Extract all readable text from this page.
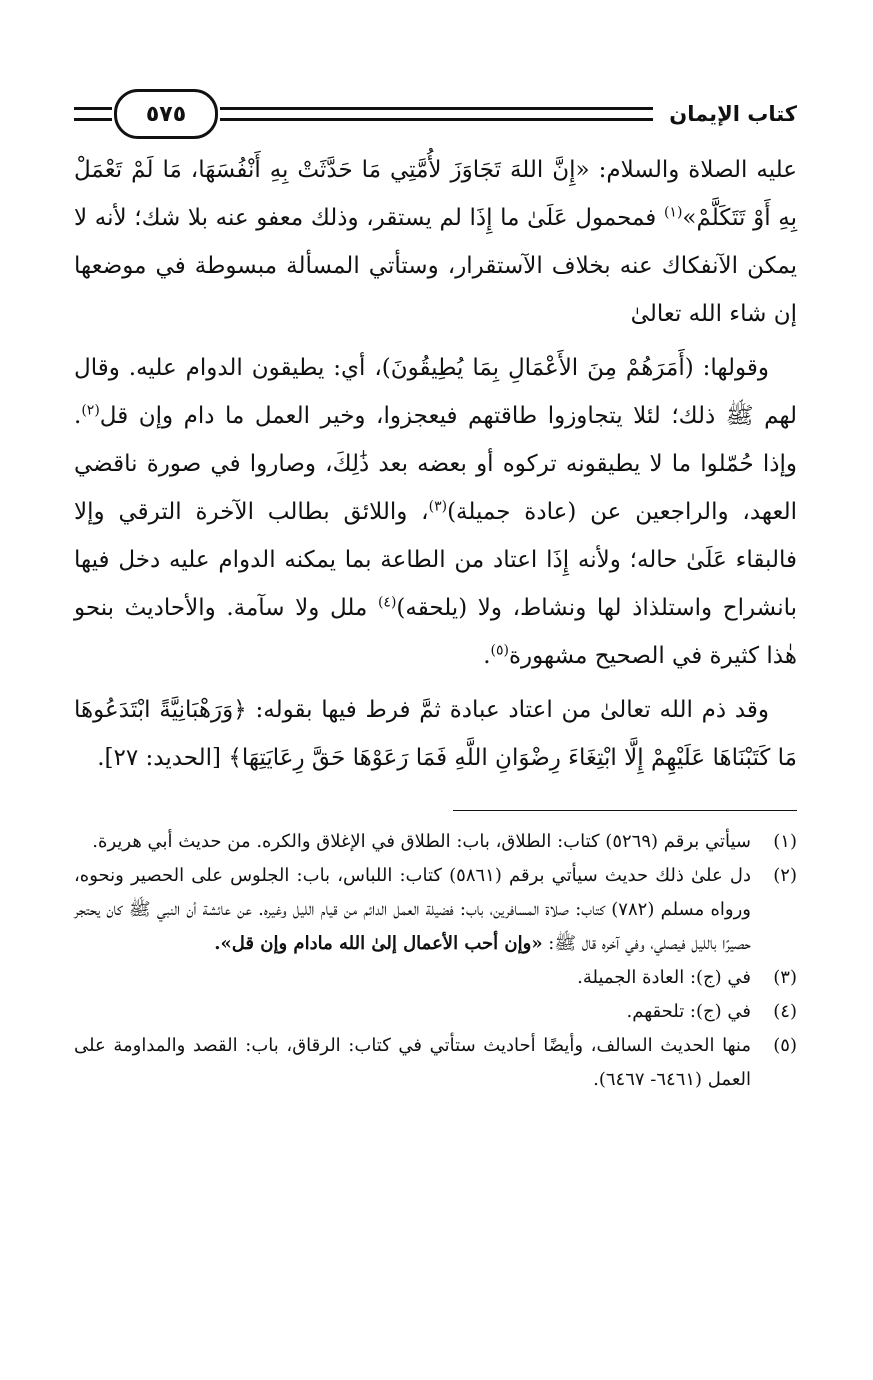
كتاب الإيمان
٥٧٥

عليه الصلاة والسلام: «إِنَّ اللهَ تَجَاوَزَ لأُمَّتِي مَا حَدَّثَتْ بِهِ أَنْفُسَهَا، مَا لَمْ تَعْمَلْ بِهِ أَوْ تَتَكَلَّمْ»$^{(١)}$ فمحمول عَلَىٰ ما إِذَا لم يستقر، وذلك معفو عنه بلا شك؛ لأنه لا يمكن الآنفكاك عنه بخلاف الآستقرار، وستأتي المسألة مبسوطة في موضعها إن شاء الله تعالىٰ

وقولها: (أَمَرَهُمْ مِنَ الأَعْمَالِ بِمَا يُطِيقُونَ)، أي: يطيقون الدوام عليه. وقال لهم ﷺ ذلك؛ لئلا يتجاوزوا طاقتهم فيعجزوا، وخير العمل ما دام وإن قل$^{(٢)}$. وإذا حُمّلوا ما لا يطيقونه تركوه أو بعضه بعد ذَٰلِكَ، وصاروا في صورة ناقضي العهد، والراجعين عن (عادة جميلة)$^{(٣)}$، واللائق بطالب الآخرة الترقي وإلا فالبقاء عَلَىٰ حاله؛ ولأنه إِذَا اعتاد من الطاعة بما يمكنه الدوام عليه دخل فيها بانشراح واستلذاذ لها ونشاط، ولا (يلحقه)$^{(٤)}$ ملل ولا سآمة. والأحاديث بنحو هٰذا كثيرة في الصحيح مشهورة$^{(٥)}$.

وقد ذم الله تعالىٰ من اعتاد عبادة ثمَّ فرط فيها بقوله: ﴿وَرَهْبَانِيَّةً ابْتَدَعُوهَا مَا كَتَبْنَاهَا عَلَيْهِمْ إِلَّا ابْتِغَاءَ رِضْوَانِ اللَّهِ فَمَا رَعَوْهَا حَقَّ رِعَايَتِهَا﴾ [الحديد: ٢٧].

(١)
سيأتي برقم (٥٢٦٩) كتاب: الطلاق، باب: الطلاق في الإغلاق والكره. من حديث أبي هريرة.
(٢)
دل علىٰ ذلك حديث سيأتي برقم (٥٨٦١) كتاب: اللباس، باب: الجلوس على الحصير ونحوه، ورواه مسلم (٧٨٢) كتاب: صلاة المسافرين، باب: فضيلة العمل الدائم من قيام الليل وغيره. عن عائشة أن النبي ﷺ كان يحتجر حصيرًا بالليل فيصلي، وفي آخره قال ﷺ: «وإن أحب الأعمال إلىٰ الله مادام وإن قل».
(٣)
في (ج): العادة الجميلة.
(٤)
في (ج): تلحقهم.
(٥)
منها الحديث السالف، وأيضًا أحاديث ستأتي في كتاب: الرقاق، باب: القصد والمداومة على العمل (٦٤٦١- ٦٤٦٧).
